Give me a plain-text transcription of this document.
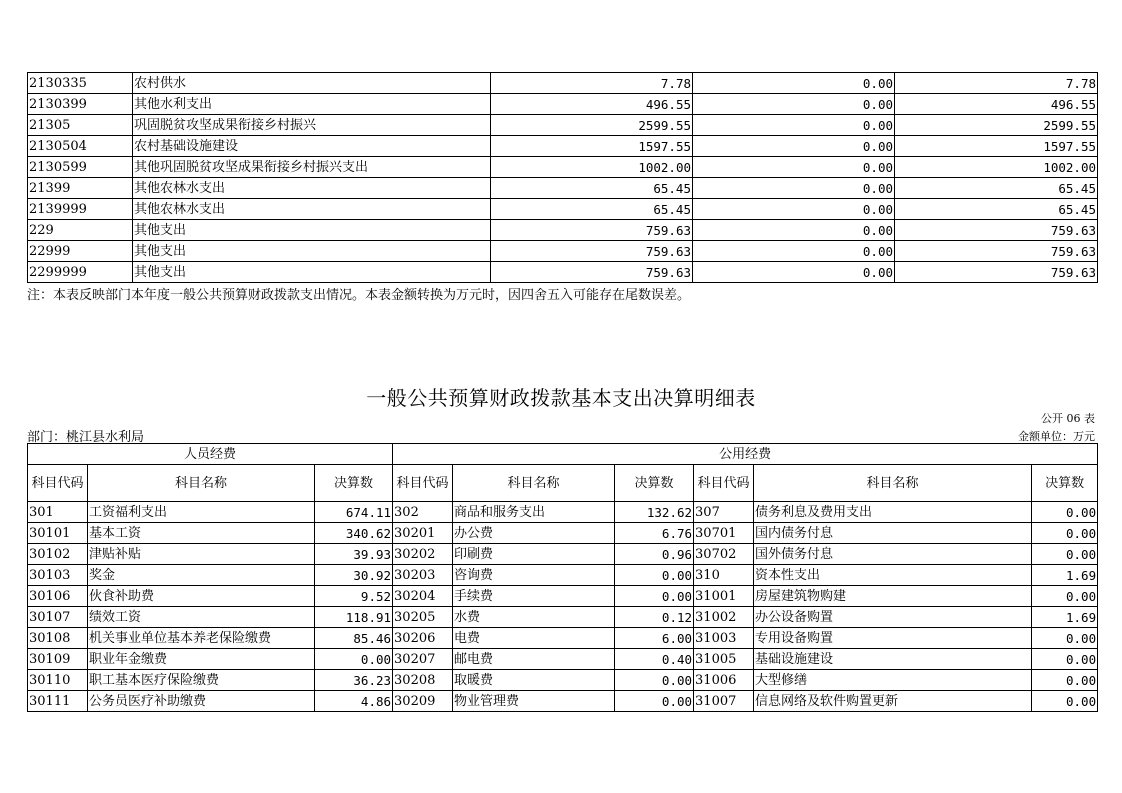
2130335	农村供水	7.78	0.00	7.78
2130399	其他水利支出	496.55	0.00	496.55
21305	巩固脱贫攻坚成果衔接乡村振兴	2599.55	0.00	2599.55
2130504	农村基础设施建设	1597.55	0.00	1597.55
2130599	其他巩固脱贫攻坚成果衔接乡村振兴支出	1002.00	0.00	1002.00
21399	其他农林水支出	65.45	0.00	65.45
2139999	其他农林水支出	65.45	0.00	65.45
229	其他支出	759.63	0.00	759.63
22999	其他支出	759.63	0.00	759.63
2299999	其他支出	759.63	0.00	759.63
注：本表反映部门本年度一般公共预算财政拨款支出情况。本表金额转换为万元时，因四舍五入可能存在尾数误差。
一般公共预算财政拨款基本支出决算明细表
公开 06 表
部门：桃江县水利局	金额单位：万元
人员经费			公用经费					
科目代码	科目名称	决算数	科目代码	科目名称	决算数	科目代码	科目名称	决算数
301	工资福利支出	674.11	302	商品和服务支出	132.62	307	债务利息及费用支出	0.00
30101	基本工资	340.62	30201	办公费	6.76	30701	国内债务付息	0.00
30102	津贴补贴	39.93	30202	印刷费	0.96	30702	国外债务付息	0.00
30103	奖金	30.92	30203	咨询费	0.00	310	资本性支出	1.69
30106	伙食补助费	9.52	30204	手续费	0.00	31001	房屋建筑物购建	0.00
30107	绩效工资	118.91	30205	水费	0.12	31002	办公设备购置	1.69
30108	机关事业单位基本养老保险缴费	85.46	30206	电费	6.00	31003	专用设备购置	0.00
30109	职业年金缴费	0.00	30207	邮电费	0.40	31005	基础设施建设	0.00
30110	职工基本医疗保险缴费	36.23	30208	取暖费	0.00	31006	大型修缮	0.00
30111	公务员医疗补助缴费	4.86	30209	物业管理费	0.00	31007	信息网络及软件购置更新	0.00
